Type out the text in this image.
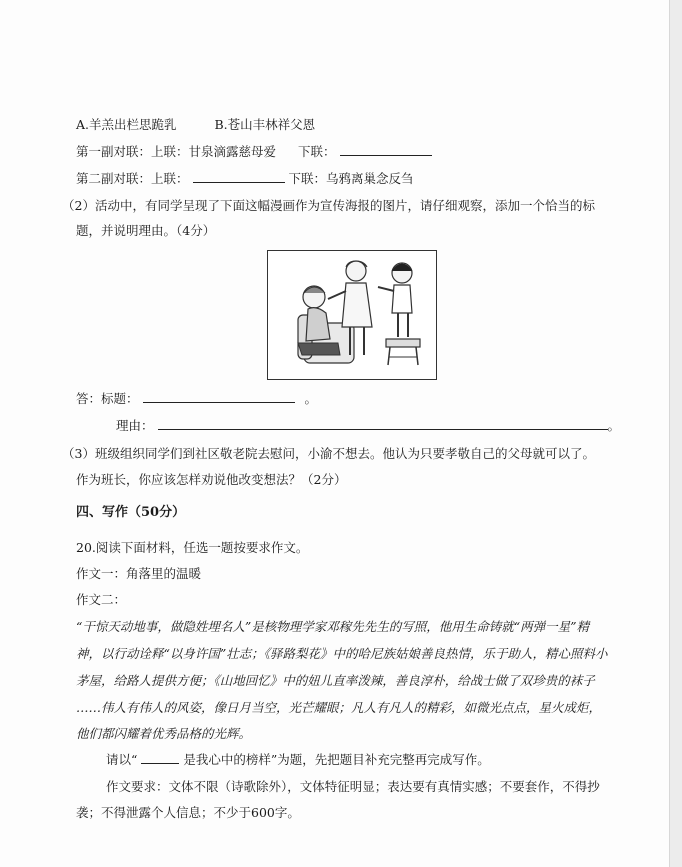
A.羊羔出栏思跪乳	B.苍山丰林祥父恩
第一副对联：上联：甘泉滴露慈母爱 下联：
第二副对联：上联：	下联：乌鸦离巢念反刍
（2）活动中，有同学呈现了下面这幅漫画作为宣传海报的图片，请仔细观察，添加一个恰当的标
题，并说明理由。（4分）
答：标题：	。
理由：	。
（3）班级组织同学们到社区敬老院去慰问，小渝不想去。他认为只要孝敬自己的父母就可以了。
作为班长，你应该怎样劝说他改变想法？（2分）
四、写作（50分）
20.阅读下面材料，任选一题按要求作文。
作文一：角落里的温暖
作文二：
“干惊天动地事，做隐姓埋名人”是核物理学家邓稼先先生的写照，他用生命铸就“两弹一星”精
神，以行动诠释“以身许国”壮志；《驿路梨花》中的哈尼族姑娘善良热情，乐于助人，精心照料小
茅屋，给路人提供方便；《山地回忆》中的妞儿直率泼辣，善良淳朴，给战士做了双珍贵的袜子
……伟人有伟人的风姿，像日月当空，光芒耀眼；凡人有凡人的精彩，如微光点点，星火成炬，
他们都闪耀着优秀品格的光辉。
请以“	是我心中的榜样”为题，先把题目补充完整再完成写作。
作文要求：文体不限（诗歌除外），文体特征明显；表达要有真情实感；不要套作，不得抄
袭；不得泄露个人信息；不少于600字。
